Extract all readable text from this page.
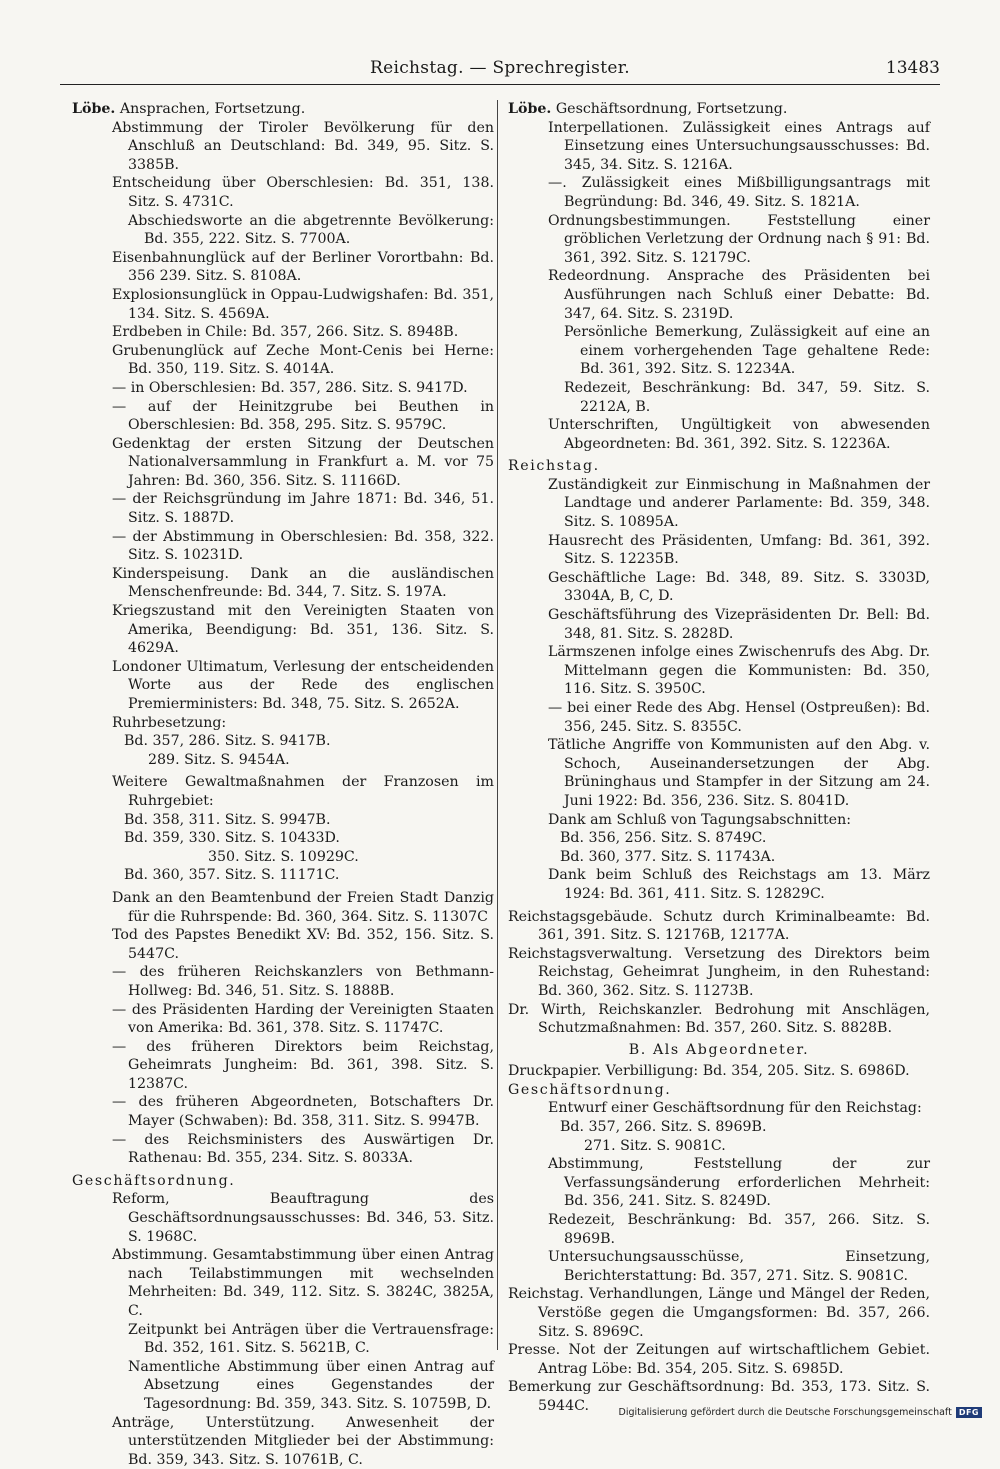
Reichstag. — Sprechregister.	13483

Löbe. Ansprachen, Fortsetzung.

Abstimmung der Tiroler Bevölkerung für den Anschluß an Deutschland: Bd. 349, 95. Sitz. S. 3385B.

Entscheidung über Oberschlesien: Bd. 351, 138. Sitz. S. 4731C.

Abschiedsworte an die abgetrennte Bevölkerung: Bd. 355, 222. Sitz. S. 7700A.

Eisenbahnunglück auf der Berliner Vorortbahn: Bd. 356 239. Sitz. S. 8108A.

Explosionsunglück in Oppau-Ludwigshafen: Bd. 351, 134. Sitz. S. 4569A.

Erdbeben in Chile: Bd. 357, 266. Sitz. S. 8948B.

Grubenunglück auf Zeche Mont-Cenis bei Herne: Bd. 350, 119. Sitz. S. 4014A.

— in Oberschlesien: Bd. 357, 286. Sitz. S. 9417D.

— auf der Heinitzgrube bei Beuthen in Oberschlesien: Bd. 358, 295. Sitz. S. 9579C.

Gedenktag der ersten Sitzung der Deutschen Nationalversammlung in Frankfurt a. M. vor 75 Jahren: Bd. 360, 356. Sitz. S. 11166D.

— der Reichsgründung im Jahre 1871: Bd. 346, 51. Sitz. S. 1887D.

— der Abstimmung in Oberschlesien: Bd. 358, 322. Sitz. S. 10231D.

Kinderspeisung. Dank an die ausländischen Menschenfreunde: Bd. 344, 7. Sitz. S. 197A.

Kriegszustand mit den Vereinigten Staaten von Amerika, Beendigung: Bd. 351, 136. Sitz. S. 4629A.

Londoner Ultimatum, Verlesung der entscheidenden Worte aus der Rede des englischen Premierministers: Bd. 348, 75. Sitz. S. 2652A.

Ruhrbesetzung:

Bd. 357, 286. Sitz. S. 9417B.

289. Sitz. S. 9454A.

Weitere Gewaltmaßnahmen der Franzosen im Ruhrgebiet:

Bd. 358, 311. Sitz. S. 9947B.

Bd. 359, 330. Sitz. S. 10433D.

350. Sitz. S. 10929C.

Bd. 360, 357. Sitz. S. 11171C.

Dank an den Beamtenbund der Freien Stadt Danzig für die Ruhrspende: Bd. 360, 364. Sitz. S. 11307C

Tod des Papstes Benedikt XV: Bd. 352, 156. Sitz. S. 5447C.

— des früheren Reichskanzlers von Bethmann-Hollweg: Bd. 346, 51. Sitz. S. 1888B.

— des Präsidenten Harding der Vereinigten Staaten von Amerika: Bd. 361, 378. Sitz. S. 11747C.

— des früheren Direktors beim Reichstag, Geheimrats Jungheim: Bd. 361, 398. Sitz. S. 12387C.

— des früheren Abgeordneten, Botschafters Dr. Mayer (Schwaben): Bd. 358, 311. Sitz. S. 9947B.

— des Reichsministers des Auswärtigen Dr. Rathenau: Bd. 355, 234. Sitz. S. 8033A.

Geschäftsordnung.

Reform, Beauftragung des Geschäftsordnungsausschusses: Bd. 346, 53. Sitz. S. 1968C.

Abstimmung. Gesamtabstimmung über einen Antrag nach Teilabstimmungen mit wechselnden Mehrheiten: Bd. 349, 112. Sitz. S. 3824C, 3825A, C.

Zeitpunkt bei Anträgen über die Vertrauensfrage: Bd. 352, 161. Sitz. S. 5621B, C.

Namentliche Abstimmung über einen Antrag auf Absetzung eines Gegenstandes der Tagesordnung: Bd. 359, 343. Sitz. S. 10759B, D.

Anträge, Unterstützung. Anwesenheit der unterstützenden Mitglieder bei der Abstimmung: Bd. 359, 343. Sitz. S. 10761B, C.

Löbe. Geschäftsordnung, Fortsetzung.

Interpellationen. Zulässigkeit eines Antrags auf Einsetzung eines Untersuchungsausschusses: Bd. 345, 34. Sitz. S. 1216A.

—. Zulässigkeit eines Mißbilligungsantrags mit Begründung: Bd. 346, 49. Sitz. S. 1821A.

Ordnungsbestimmungen. Feststellung einer gröblichen Verletzung der Ordnung nach § 91: Bd. 361, 392. Sitz. S. 12179C.

Redeordnung. Ansprache des Präsidenten bei Ausführungen nach Schluß einer Debatte: Bd. 347, 64. Sitz. S. 2319D.

Persönliche Bemerkung, Zulässigkeit auf eine an einem vorhergehenden Tage gehaltene Rede: Bd. 361, 392. Sitz. S. 12234A.

Redezeit, Beschränkung: Bd. 347, 59. Sitz. S. 2212A, B.

Unterschriften, Ungültigkeit von abwesenden Abgeordneten: Bd. 361, 392. Sitz. S. 12236A.

Reichstag.

Zuständigkeit zur Einmischung in Maßnahmen der Landtage und anderer Parlamente: Bd. 359, 348. Sitz. S. 10895A.

Hausrecht des Präsidenten, Umfang: Bd. 361, 392. Sitz. S. 12235B.

Geschäftliche Lage: Bd. 348, 89. Sitz. S. 3303D, 3304A, B, C, D.

Geschäftsführung des Vizepräsidenten Dr. Bell: Bd. 348, 81. Sitz. S. 2828D.

Lärmszenen infolge eines Zwischenrufs des Abg. Dr. Mittelmann gegen die Kommunisten: Bd. 350, 116. Sitz. S. 3950C.

— bei einer Rede des Abg. Hensel (Ostpreußen): Bd. 356, 245. Sitz. S. 8355C.

Tätliche Angriffe von Kommunisten auf den Abg. v. Schoch, Auseinandersetzungen der Abg. Brüninghaus und Stampfer in der Sitzung am 24. Juni 1922: Bd. 356, 236. Sitz. S. 8041D.

Dank am Schluß von Tagungsabschnitten:

Bd. 356, 256. Sitz. S. 8749C.

Bd. 360, 377. Sitz. S. 11743A.

Dank beim Schluß des Reichstags am 13. März 1924: Bd. 361, 411. Sitz. S. 12829C.

Reichstagsgebäude. Schutz durch Kriminalbeamte: Bd. 361, 391. Sitz. S. 12176B, 12177A.

Reichstagsverwaltung. Versetzung des Direktors beim Reichstag, Geheimrat Jungheim, in den Ruhestand: Bd. 360, 362. Sitz. S. 11273B.

Dr. Wirth, Reichskanzler. Bedrohung mit Anschlägen, Schutzmaßnahmen: Bd. 357, 260. Sitz. S. 8828B.

B. Als Abgeordneter.

Druckpapier. Verbilligung: Bd. 354, 205. Sitz. S. 6986D.

Geschäftsordnung.

Entwurf einer Geschäftsordnung für den Reichstag:

Bd. 357, 266. Sitz. S. 8969B.

271. Sitz. S. 9081C.

Abstimmung, Feststellung der zur Verfassungsänderung erforderlichen Mehrheit: Bd. 356, 241. Sitz. S. 8249D.

Redezeit, Beschränkung: Bd. 357, 266. Sitz. S. 8969B.

Untersuchungsausschüsse, Einsetzung, Berichterstattung: Bd. 357, 271. Sitz. S. 9081C.

Reichstag. Verhandlungen, Länge und Mängel der Reden, Verstöße gegen die Umgangsformen: Bd. 357, 266. Sitz. S. 8969C.

Presse. Not der Zeitungen auf wirtschaftlichem Gebiet. Antrag Löbe: Bd. 354, 205. Sitz. S. 6985D.

Bemerkung zur Geschäftsordnung: Bd. 353, 173. Sitz. S. 5944C.	Digitalisierung gefördert durch die Deutsche Forschungsgemeinschaft DFG
